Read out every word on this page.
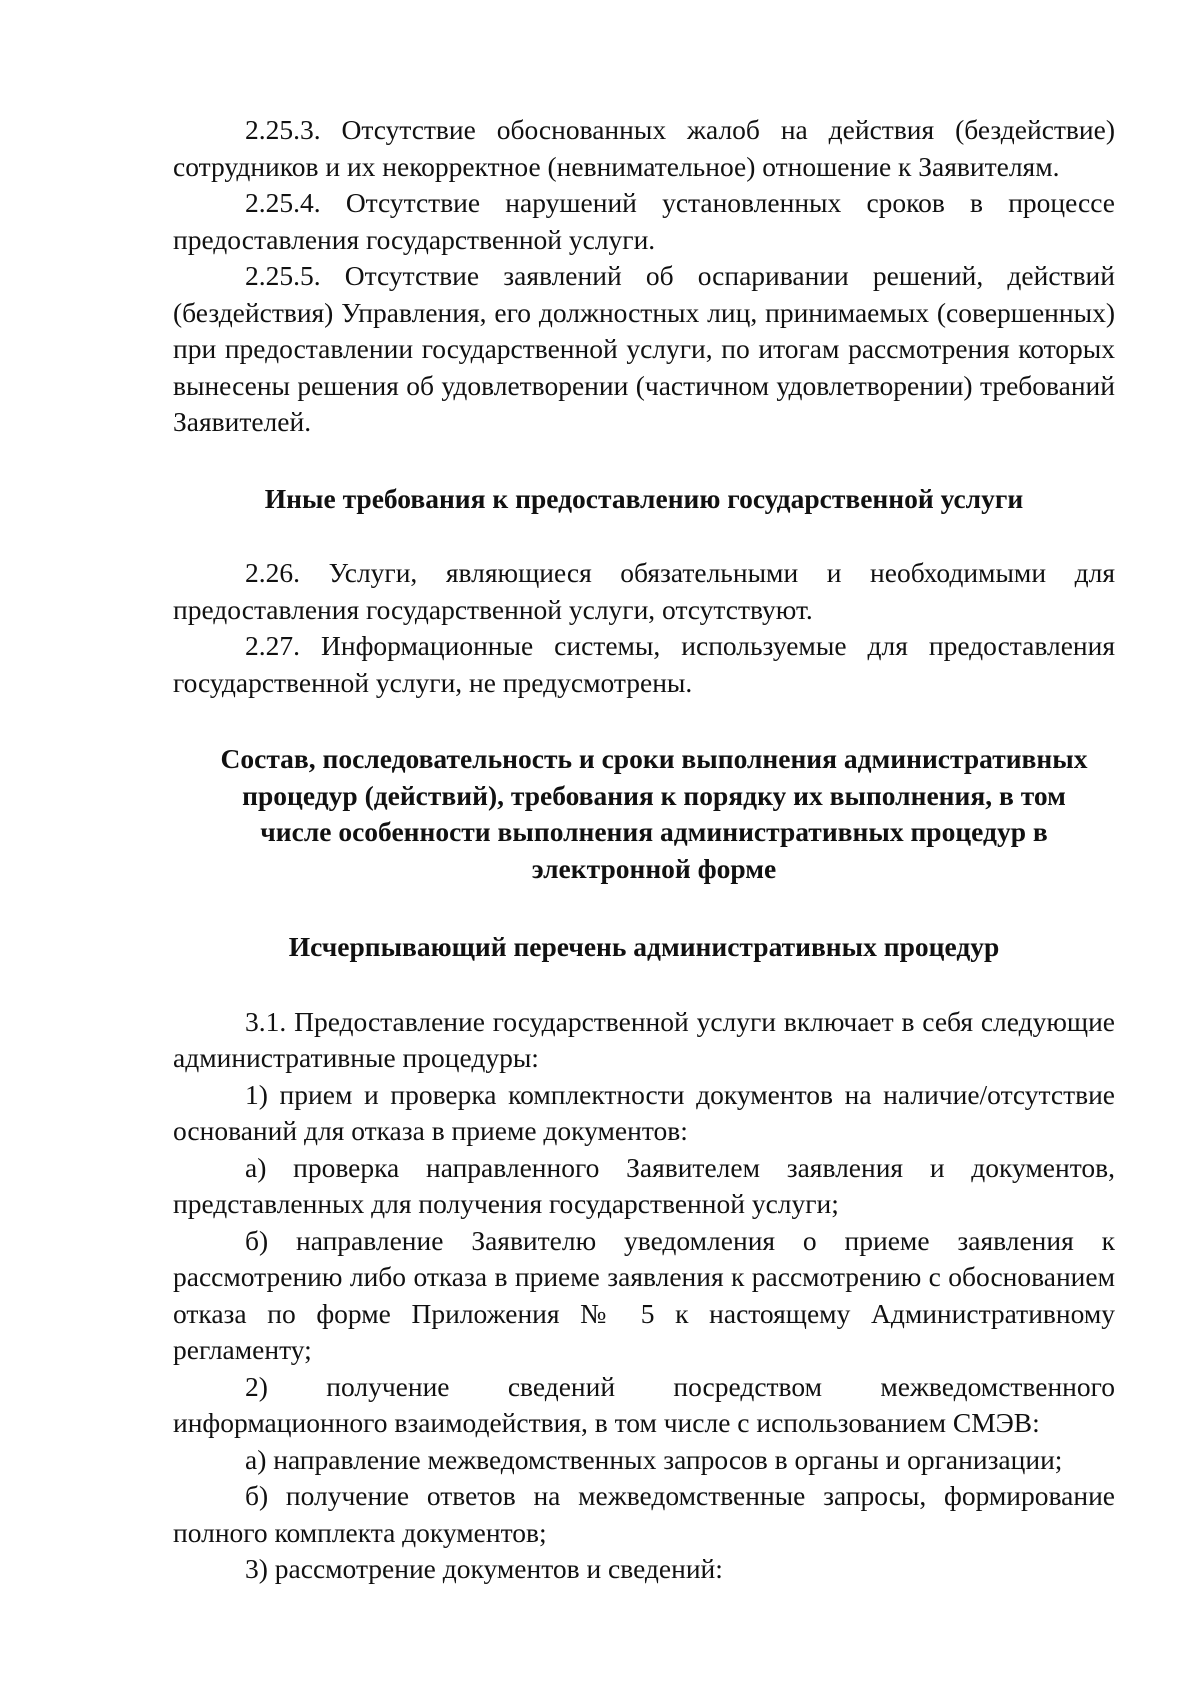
2.25.3. Отсутствие обоснованных жалоб на действия (бездействие) сотрудников и их некорректное (невнимательное) отношение к Заявителям.

2.25.4. Отсутствие нарушений установленных сроков в процессе предоставления государственной услуги.

2.25.5. Отсутствие заявлений об оспаривании решений, действий (бездействия) Управления, его должностных лиц, принимаемых (совершенных) при предоставлении государственной услуги, по итогам рассмотрения которых вынесены решения об удовлетворении (частичном удовлетворении) требований Заявителей.

Иные требования к предоставлению государственной услуги

2.26. Услуги, являющиеся обязательными и необходимыми для предоставления государственной услуги, отсутствуют.

2.27. Информационные системы, используемые для предоставления государственной услуги, не предусмотрены.

Состав, последовательность и сроки выполнения административных процедур (действий), требования к порядку их выполнения, в том числе особенности выполнения административных процедур в электронной форме
Исчерпывающий перечень административных процедур

3.1. Предоставление государственной услуги включает в себя следующие административные процедуры:

1) прием и проверка комплектности документов на наличие/отсутствие оснований для отказа в приеме документов:

а) проверка направленного Заявителем заявления и документов, представленных для получения государственной услуги;

б) направление Заявителю уведомления о приеме заявления к рассмотрению либо отказа в приеме заявления к рассмотрению с обоснованием отказа по форме Приложения № 5 к настоящему Административному регламенту;

2) получение сведений посредством межведомственного информационного взаимодействия, в том числе с использованием СМЭВ:

а) направление межведомственных запросов в органы и организации;

б) получение ответов на межведомственные запросы, формирование полного комплекта документов;

3) рассмотрение документов и сведений:
